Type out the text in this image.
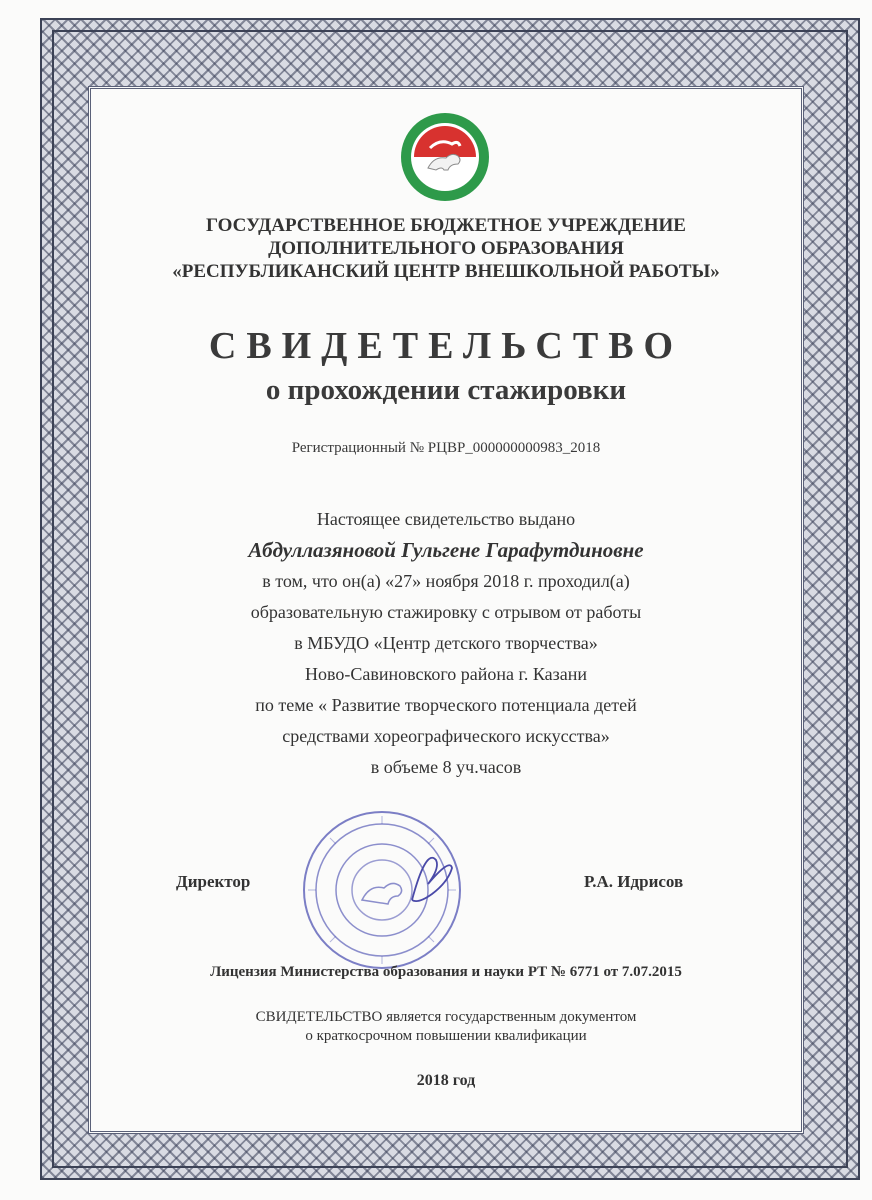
ГОСУДАРСТВЕННОЕ БЮДЖЕТНОЕ УЧРЕЖДЕНИЕ
ДОПОЛНИТЕЛЬНОГО ОБРАЗОВАНИЯ
«РЕСПУБЛИКАНСКИЙ ЦЕНТР ВНЕШКОЛЬНОЙ РАБОТЫ»
СВИДЕТЕЛЬСТВО
о прохождении стажировки
Регистрационный № РЦВР_000000000983_2018
Настоящее свидетельство выдано
Абдуллазяновой Гульгене Гарафутдиновне
в том, что он(а) «27» ноября 2018 г. проходил(а)
образовательную стажировку с отрывом от работы
в МБУДО «Центр детского творчества»
Ново-Савиновского района г. Казани
по теме « Развитие творческого потенциала детей
средствами хореографического искусства»
в объеме 8 уч.часов
Директор	Р.А. Идрисов
Лицензия Министерства образования и науки РТ № 6771 от 7.07.2015
СВИДЕТЕЛЬСТВО является государственным документом
о краткосрочном повышении квалификации
2018 год
